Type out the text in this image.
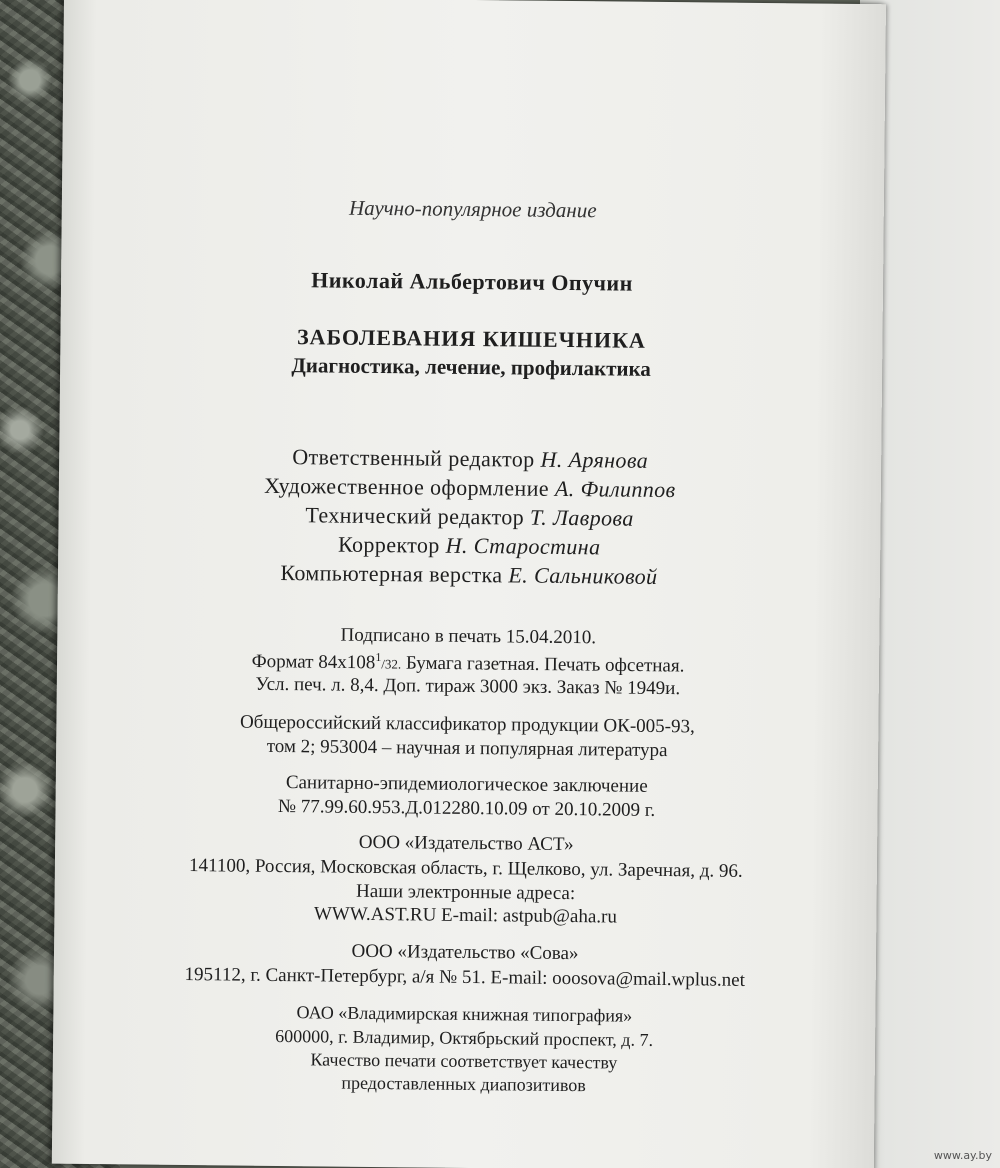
Научно-популярное издание
Николай Альбертович Опучин
ЗАБОЛЕВАНИЯ КИШЕЧНИКА
Диагностика, лечение, профилактика
Ответственный редактор Н. Арянова
Художественное оформление А. Филиппов
Технический редактор Т. Лаврова
Корректор Н. Старостина
Компьютерная верстка Е. Сальниковой
Подписано в печать 15.04.2010.
Формат $84х108^1/32$. Бумага газетная. Печать офсетная.
Усл. печ. л. 8,4. Доп. тираж 3000 экз. Заказ № 1949и.
Общероссийский классификатор продукции ОК-005-93,
том 2; 953004 – научная и популярная литература
Санитарно-эпидемиологическое заключение
№ 77.99.60.953.Д.012280.10.09 от 20.10.2009 г.
ООО «Издательство АСТ»
141100, Россия, Московская область, г. Щелково, ул. Заречная, д. 96.
Наши электронные адреса:
WWW.AST.RU E-mail: astpub@aha.ru
ООО «Издательство «Сова»
195112, г. Санкт-Петербург, а/я № 51. E-mail: ooosova@mail.wplus.net
ОАО «Владимирская книжная типография»
600000, г. Владимир, Октябрьский проспект, д. 7.
Качество печати соответствует качеству
предоставленных диапозитивов
www.ay.by
